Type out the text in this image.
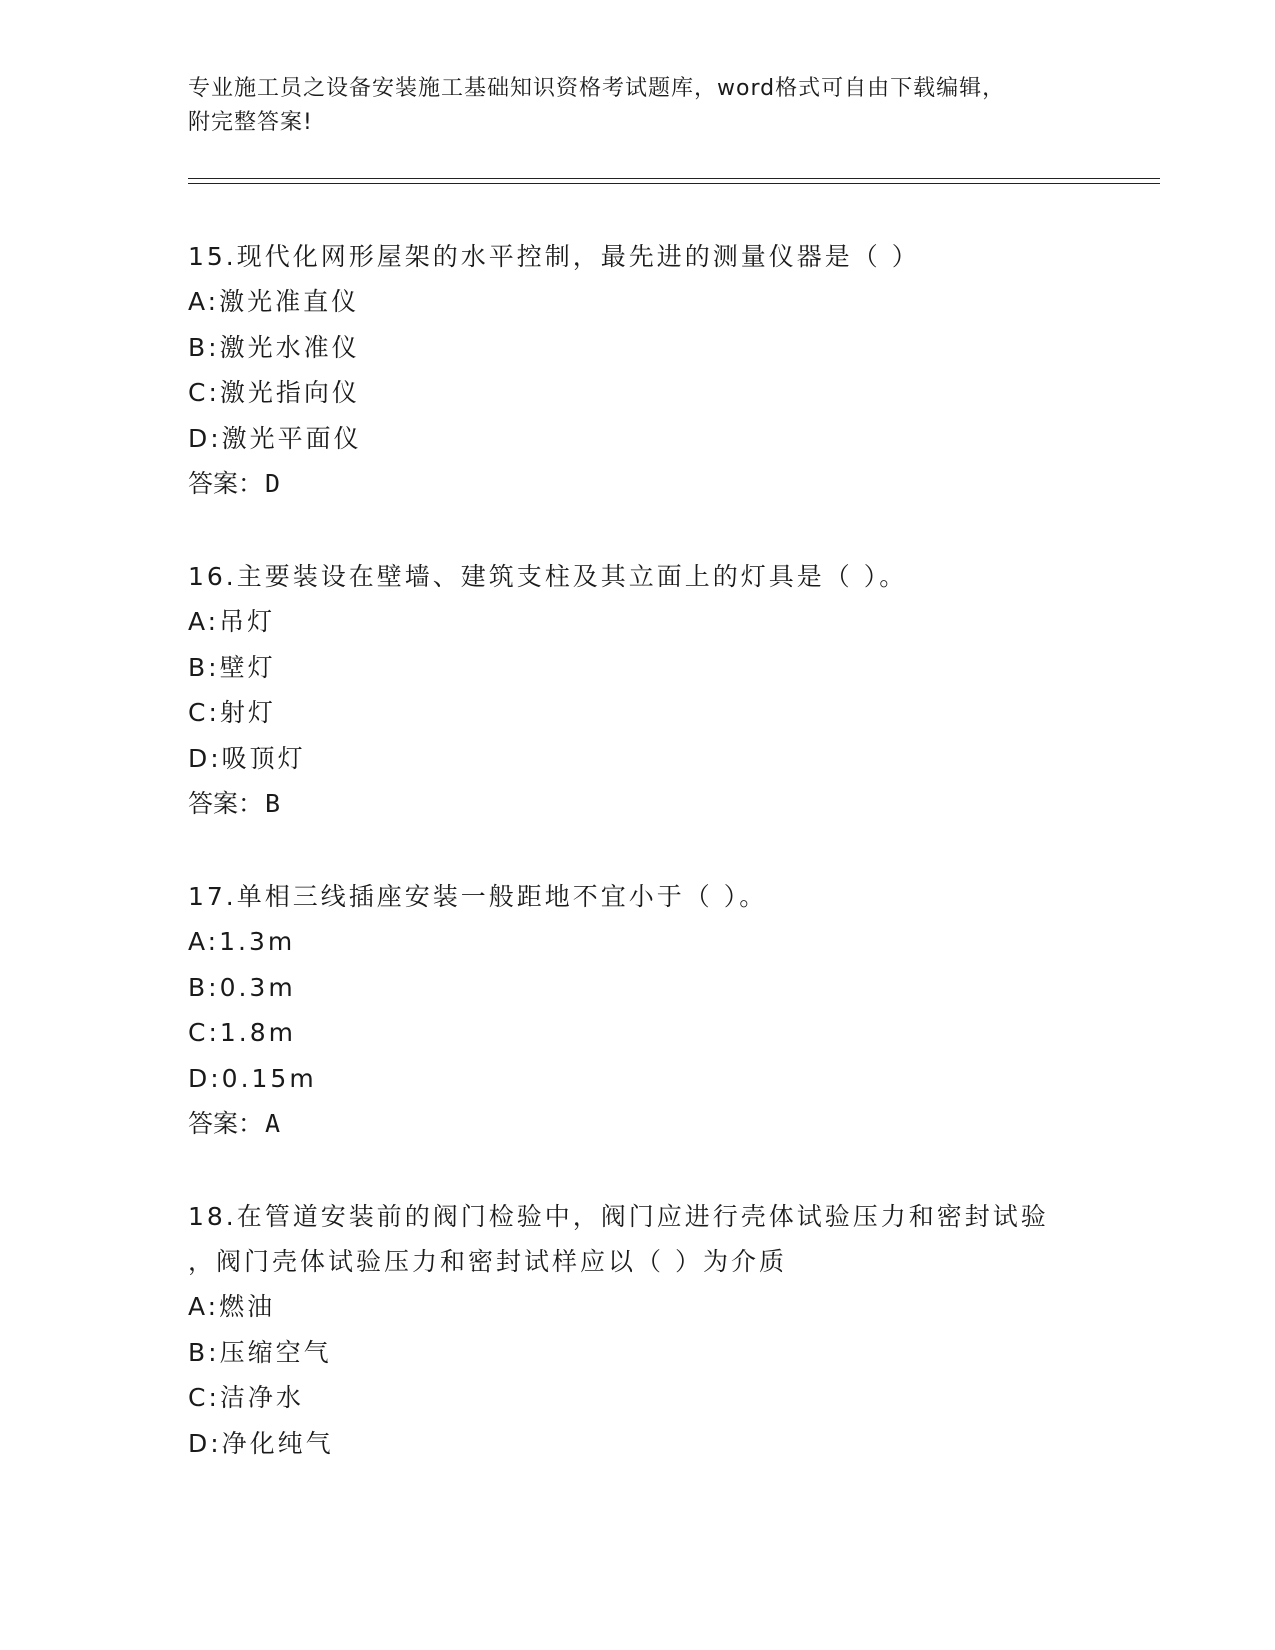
专业施工员之设备安装施工基础知识资格考试题库，word格式可自由下载编辑，
附完整答案!

15.现代化网形屋架的水平控制，最先进的测量仪器是（ ）

A:激光准直仪

B:激光水准仪

C:激光指向仪

D:激光平面仪

答案：D

16.主要装设在壁墙、建筑支柱及其立面上的灯具是（ ）。

A:吊灯

B:壁灯

C:射灯

D:吸顶灯

答案：B

17.单相三线插座安装一般距地不宜小于（ ）。

A:1.3m

B:0.3m

C:1.8m

D:0.15m

答案：A

18.在管道安装前的阀门检验中，阀门应进行壳体试验压力和密封试验
，阀门壳体试验压力和密封试样应以（ ）为介质

A:燃油

B:压缩空气

C:洁净水

D:净化纯气
